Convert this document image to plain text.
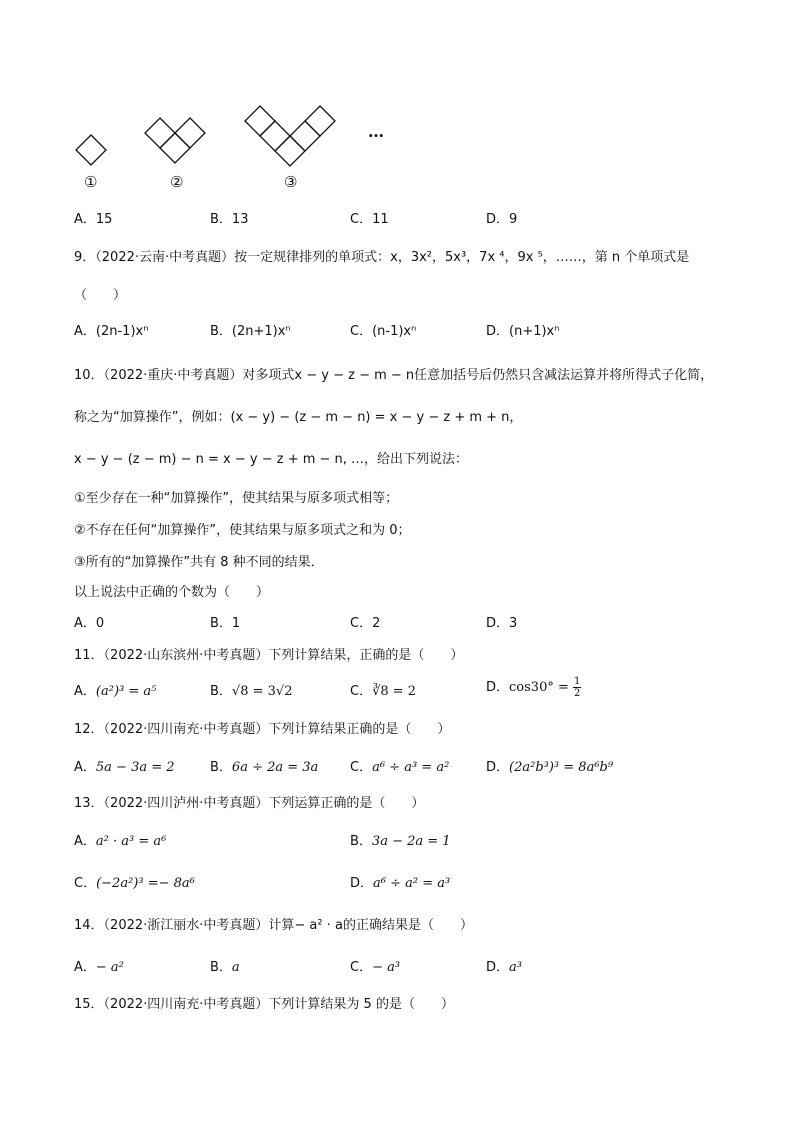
…
①	②	③
A．15	B．13	C．11	D．9
9．（2022·云南·中考真题）按一定规律排列的单项式：x，3x²，5x³，7x ⁴，9x ⁵，……，第 n 个单项式是
（　　）
A．(2n-1)xⁿ	B．(2n+1)xⁿ	C．(n-1)xⁿ	D．(n+1)xⁿ
10．（2022·重庆·中考真题）对多项式x − y − z − m − n任意加括号后仍然只含减法运算并将所得式子化简，
称之为“加算操作”，例如：(x − y) − (z − m − n) = x − y − z + m + n，
x − y − (z − m) − n = x − y − z + m − n, …，给出下列说法：
①至少存在一种“加算操作”，使其结果与原多项式相等；
②不存在任何“加算操作”，使其结果与原多项式之和为 0；
③所有的“加算操作”共有 8 种不同的结果．
以上说法中正确的个数为（　　）
A．0	B．1	C．2	D．3
11．（2022·山东滨州·中考真题）下列计算结果，正确的是（　　）
A．(a²)³ = a⁵	B．√8 = 3√2	C．∛8 = 2	D．$\cos 30^\circ = \frac{1}{2}$
12．（2022·四川南充·中考真题）下列计算结果正确的是（　　）
A．5a − 3a = 2	B．6a ÷ 2a = 3a C．a⁶ ÷ a³ = a²	D．(2a²b³)³ = 8a⁶b⁹
13．（2022·四川泸州·中考真题）下列运算正确的是（　　）
A．a² · a³ = a⁶	B．3a − 2a = 1
C．(−2a²)³ =− 8a⁶	D．a⁶ ÷ a² = a³
14．（2022·浙江丽水·中考真题）计算− a² · a的正确结果是（　　）
A．− a²	B．a	C．− a³	D．a³
15．（2022·四川南充·中考真题）下列计算结果为 5 的是（　　）
